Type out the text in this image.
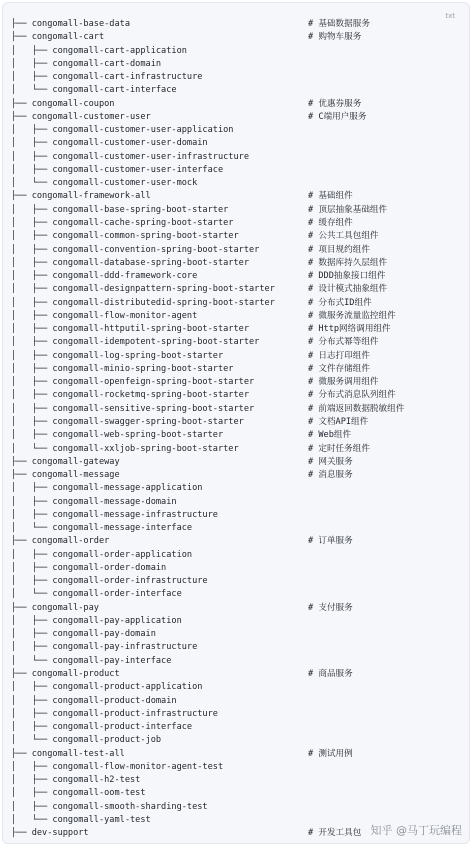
txt
├── congomall-base-data	# 基础数据服务
├── congomall-cart	# 购物车服务
│   ├── congomall-cart-application
│   ├── congomall-cart-domain
│   ├── congomall-cart-infrastructure
│   └── congomall-cart-interface
├── congomall-coupon	# 优惠券服务
├── congomall-customer-user	# C端用户服务
│   ├── congomall-customer-user-application
│   ├── congomall-customer-user-domain
│   ├── congomall-customer-user-infrastructure
│   ├── congomall-customer-user-interface
│   └── congomall-customer-user-mock
├── congomall-framework-all	# 基础组件
│   ├── congomall-base-spring-boot-starter	# 顶层抽象基础组件
│   ├── congomall-cache-spring-boot-starter	# 缓存组件
│   ├── congomall-common-spring-boot-starter	# 公共工具包组件
│   ├── congomall-convention-spring-boot-starter	# 项目规约组件
│   ├── congomall-database-spring-boot-starter	# 数据库持久层组件
│   ├── congomall-ddd-framework-core	# DDD抽象接口组件
│   ├── congomall-designpattern-spring-boot-starter	# 设计模式抽象组件
│   ├── congomall-distributedid-spring-boot-starter	# 分布式ID组件
│   ├── congomall-flow-monitor-agent	# 微服务流量监控组件
│   ├── congomall-httputil-spring-boot-starter	# Http网络调用组件
│   ├── congomall-idempotent-spring-boot-starter	# 分布式幂等组件
│   ├── congomall-log-spring-boot-starter	# 日志打印组件
│   ├── congomall-minio-spring-boot-starter	# 文件存储组件
│   ├── congomall-openfeign-spring-boot-starter	# 微服务调用组件
│   ├── congomall-rocketmq-spring-boot-starter	# 分布式消息队列组件
│   ├── congomall-sensitive-spring-boot-starter	# 前端返回数据脱敏组件
│   ├── congomall-swagger-spring-boot-starter	# 文档API组件
│   ├── congomall-web-spring-boot-starter	# Web组件
│   └── congomall-xxljob-spring-boot-starter	# 定时任务组件
├── congomall-gateway	# 网关服务
├── congomall-message	# 消息服务
│   ├── congomall-message-application
│   ├── congomall-message-domain
│   ├── congomall-message-infrastructure
│   └── congomall-message-interface
├── congomall-order	# 订单服务
│   ├── congomall-order-application
│   ├── congomall-order-domain
│   ├── congomall-order-infrastructure
│   └── congomall-order-interface
├── congomall-pay	# 支付服务
│   ├── congomall-pay-application
│   ├── congomall-pay-domain
│   ├── congomall-pay-infrastructure
│   └── congomall-pay-interface
├── congomall-product	# 商品服务
│   ├── congomall-product-application
│   ├── congomall-product-domain
│   ├── congomall-product-infrastructure
│   ├── congomall-product-interface
│   └── congomall-product-job
├── congomall-test-all	# 测试用例
│   ├── congomall-flow-monitor-agent-test
│   ├── congomall-h2-test
│   ├── congomall-oom-test
│   ├── congomall-smooth-sharding-test
│   └── congomall-yaml-test
├── dev-support	# 开发工具包 知乎 @马丁玩编程
